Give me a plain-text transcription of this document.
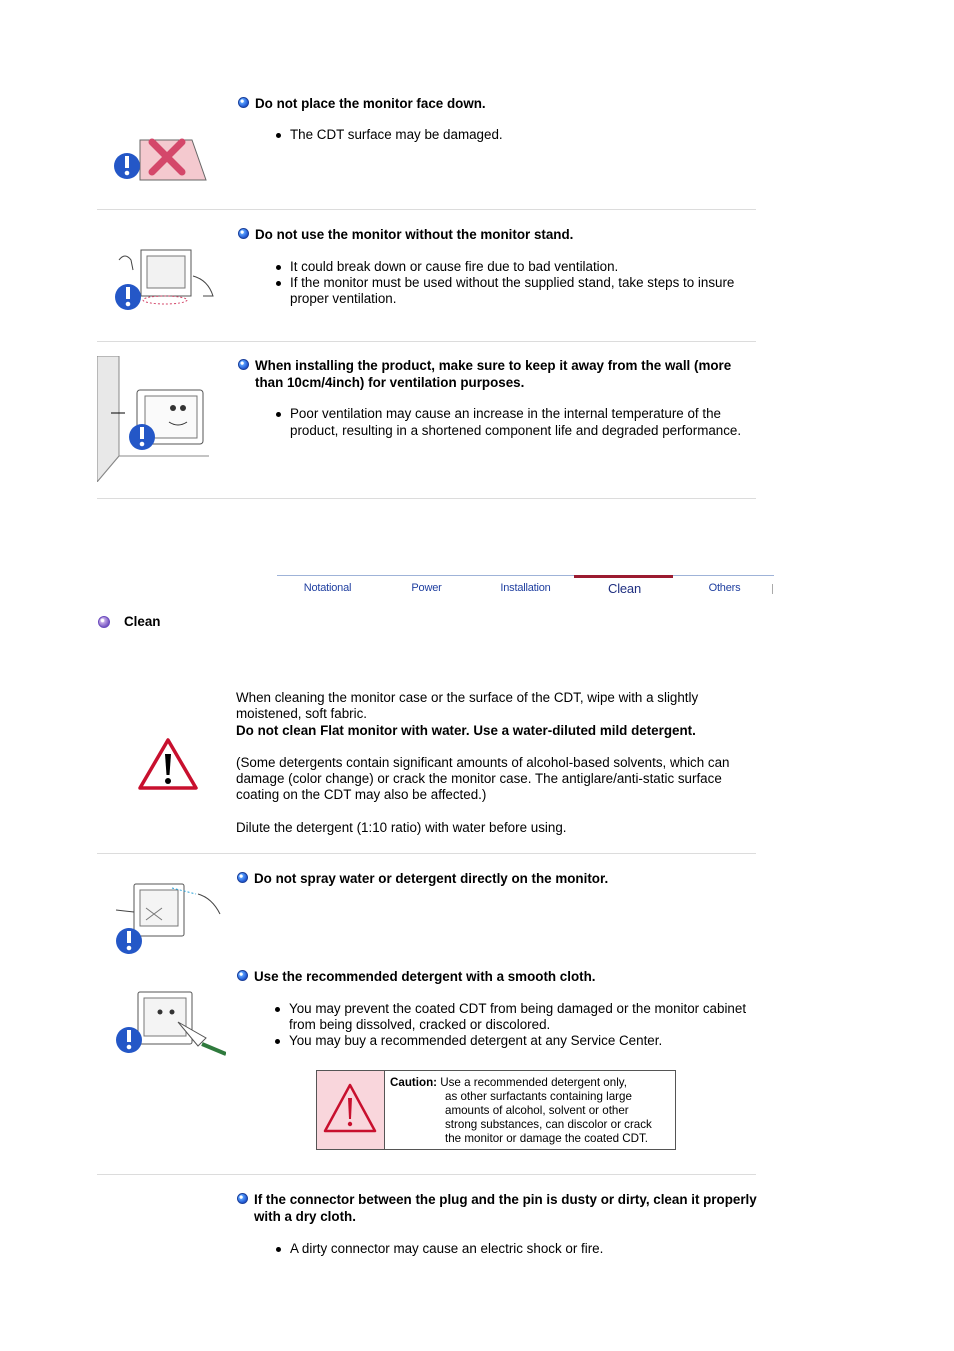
Do not place the monitor face down.
The CDT surface may be damaged.
Do not use the monitor without the monitor stand.
It could break down or cause fire due to bad ventilation.
If the monitor must be used without the supplied stand, take steps to insure proper ventilation.
When installing the product, make sure to keep it away from the wall (more than 10cm/4inch) for ventilation purposes.
Poor ventilation may cause an increase in the internal temperature of the product, resulting in a shortened component life and degraded performance.
Notational	Power	Installation	Clean	Others
Clean
When cleaning the monitor case or the surface of the CDT, wipe with a slightly moistened, soft fabric.
Do not clean Flat monitor with water. Use a water-diluted mild detergent.
(Some detergents contain significant amounts of alcohol-based solvents, which can damage (color change) or crack the monitor case. The antiglare/anti-static surface coating on the CDT may also be affected.)
Dilute the detergent (1:10 ratio) with water before using.
Do not spray water or detergent directly on the monitor.
Use the recommended detergent with a smooth cloth.
You may prevent the coated CDT from being damaged or the monitor cabinet from being dissolved, cracked or discolored.
You may buy a recommended detergent at any Service Center.
Caution: Use a recommended detergent only,
as other surfactants containing large
amounts of alcohol, solvent or other
strong substances, can discolor or crack
the monitor or damage the coated CDT.
If the connector between the plug and the pin is dusty or dirty, clean it properly with a dry cloth.
A dirty connector may cause an electric shock or fire.
